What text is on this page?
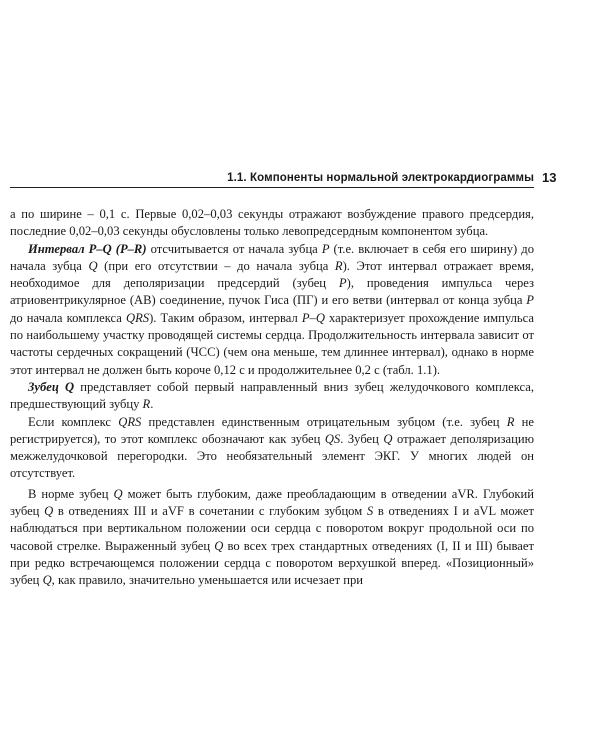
1.1. Компоненты нормальной электрокардиограммы 13

а по ширине – 0,1 с. Первые 0,02–0,03 секунды отражают возбуждение правого предсердия, последние 0,02–0,03 секунды обусловлены только левопредсердным компонентом зубца.

Интервал P–Q (P–R) отсчитывается от начала зубца P (т.е. включает в себя его ширину) до начала зубца Q (при его отсутствии – до начала зубца R). Этот интервал отражает время, необходимое для деполяризации предсердий (зубец P), проведения импульса через атриовентрикулярное (АВ) соединение, пучок Гиса (ПГ) и его ветви (интервал от конца зубца P до начала комплекса QRS). Таким образом, интервал P–Q характеризует прохождение импульса по наибольшему участку проводящей системы сердца. Продолжительность интервала зависит от частоты сердечных сокращений (ЧСС) (чем она меньше, тем длиннее интервал), однако в норме этот интервал не должен быть короче 0,12 с и продолжительнее 0,2 с (табл. 1.1).

Зубец Q представляет собой первый направленный вниз зубец желудочкового комплекса, предшествующий зубцу R.

Если комплекс QRS представлен единственным отрицательным зубцом (т.е. зубец R не регистрируется), то этот комплекс обозначают как зубец QS. Зубец Q отражает деполяризацию межжелудочковой перегородки. Это необязательный элемент ЭКГ. У многих людей он отсутствует.

В норме зубец Q может быть глубоким, даже преобладающим в отведении aVR. Глубокий зубец Q в отведениях III и aVF в сочетании с глубоким зубцом S в отведениях I и aVL может наблюдаться при вертикальном положении оси сердца с поворотом вокруг продольной оси по часовой стрелке. Выраженный зубец Q во всех трех стандартных отведениях (I, II и III) бывает при редко встречающемся положении сердца с поворотом верхушкой вперед. «Позиционный» зубец Q, как правило, значительно уменьшается или исчезает при
